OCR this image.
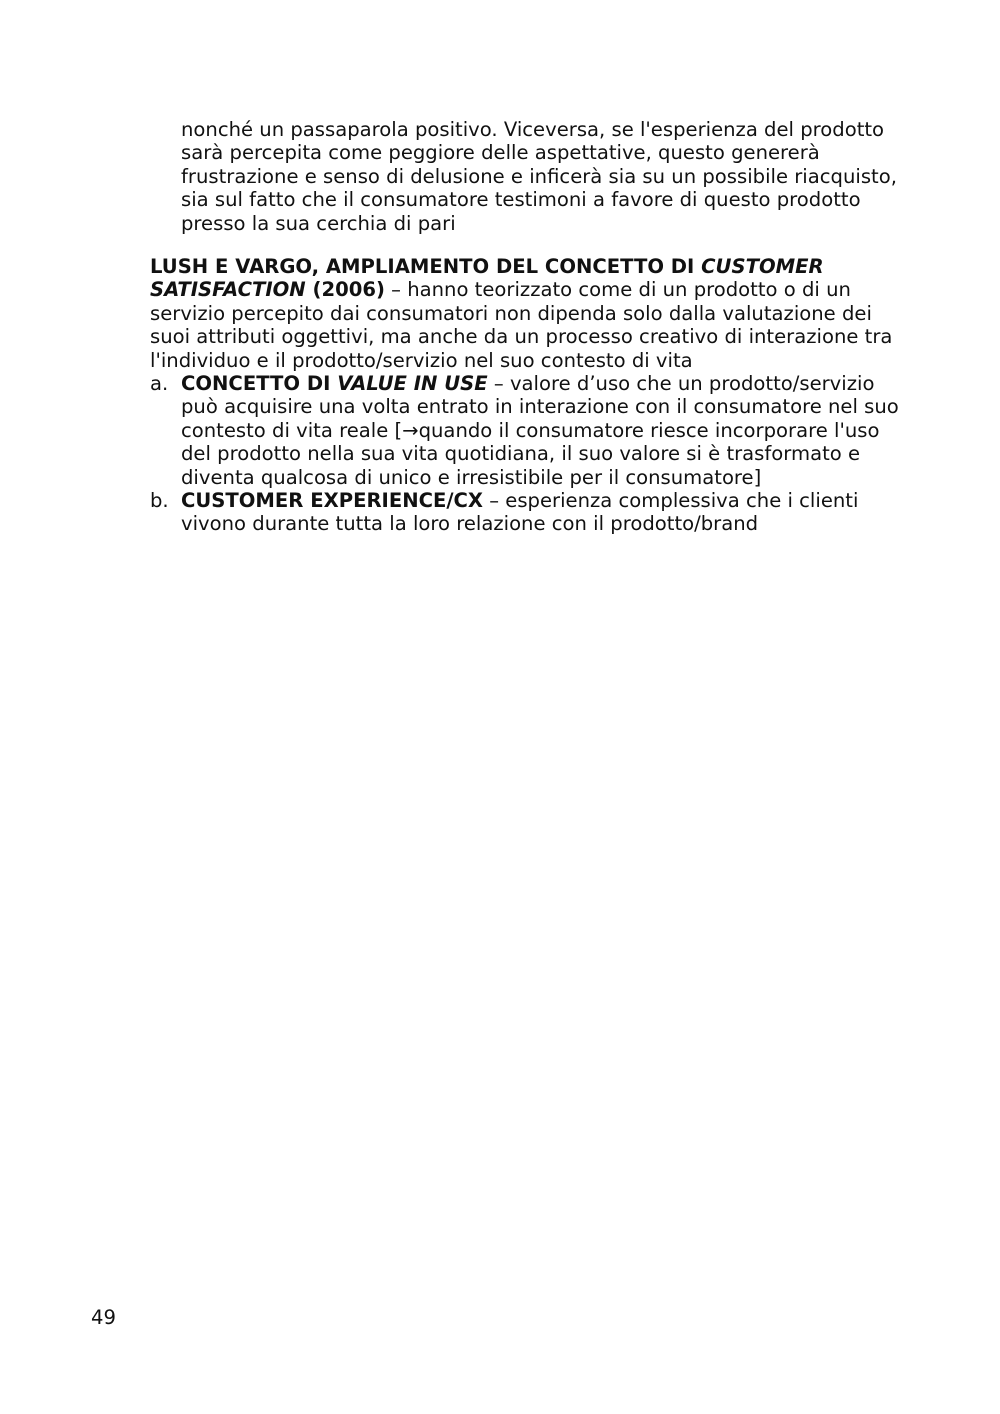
nonché un passaparola positivo. Viceversa, se l'esperienza del prodotto sarà percepita come peggiore delle aspettative, questo genererà frustrazione e senso di delusione e inficerà sia su un possibile riacquisto, sia sul fatto che il consumatore testimoni a favore di questo prodotto presso la sua cerchia di pari

LUSH E VARGO, AMPLIAMENTO DEL CONCETTO DI CUSTOMER SATISFACTION (2006) – hanno teorizzato come di un prodotto o di un servizio percepito dai consumatori non dipenda solo dalla valutazione dei suoi attributi oggettivi, ma anche da un processo creativo di interazione tra l'individuo e il prodotto/servizio nel suo contesto di vita

a. CONCETTO DI VALUE IN USE – valore d’uso che un prodotto/servizio può acquisire una volta entrato in interazione con il consumatore nel suo contesto di vita reale [→quando il consumatore riesce incorporare l'uso del prodotto nella sua vita quotidiana, il suo valore si è trasformato e diventa qualcosa di unico e irresistibile per il consumatore]
b. CUSTOMER EXPERIENCE/CX – esperienza complessiva che i clienti vivono durante tutta la loro relazione con il prodotto/brand

49
